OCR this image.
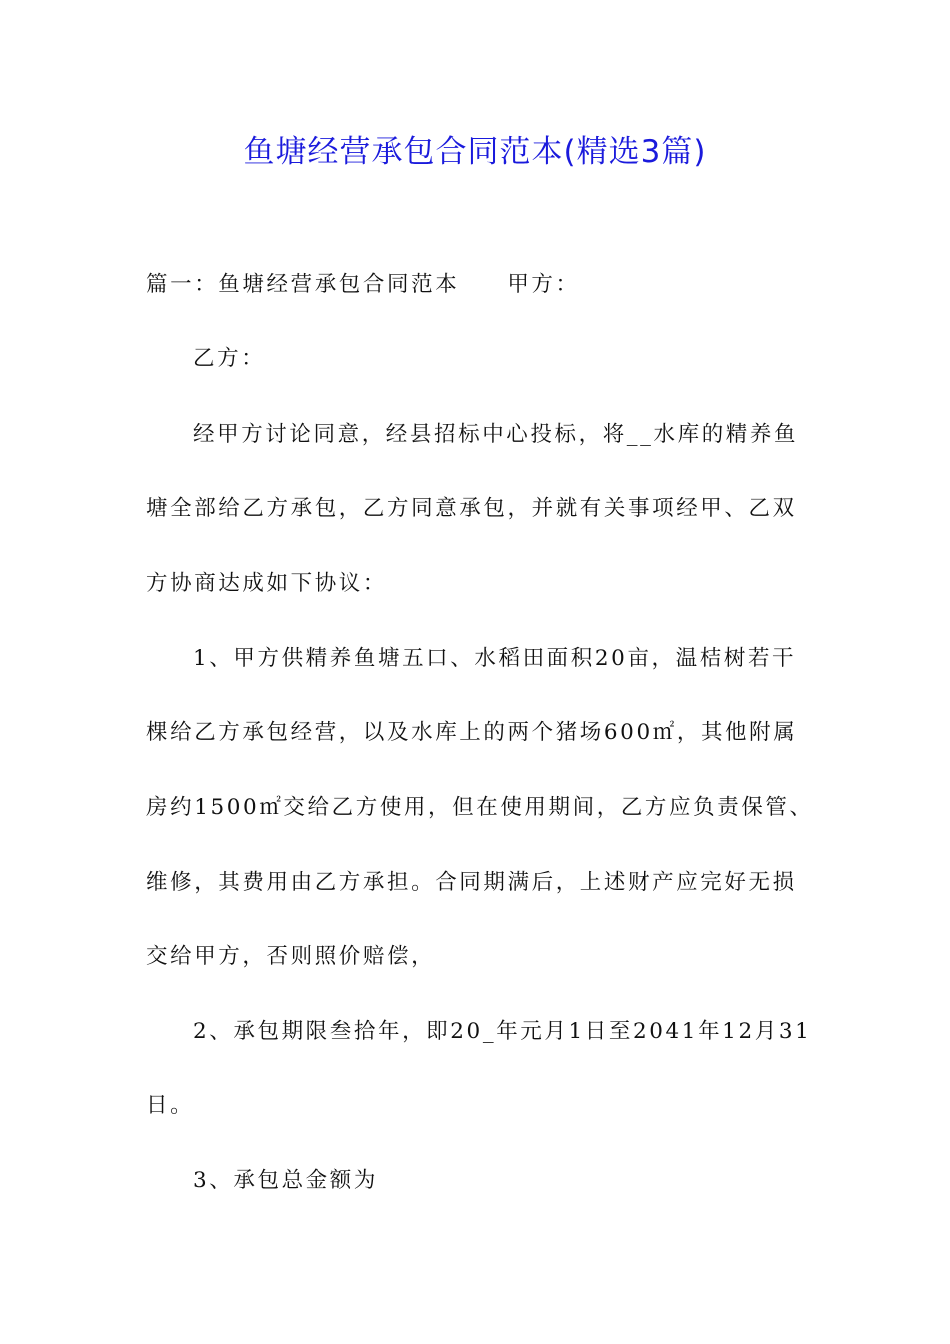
鱼塘经营承包合同范本(精选3篇)
篇一：鱼塘经营承包合同范本 甲方：
乙方：
经甲方讨论同意，经县招标中心投标，将__水库的精养鱼
塘全部给乙方承包，乙方同意承包，并就有关事项经甲、乙双
方协商达成如下协议：
1、甲方供精养鱼塘五口、水稻田面积20亩，温桔树若干
棵给乙方承包经营，以及水库上的两个猪场600㎡，其他附属
房约1500㎡交给乙方使用，但在使用期间，乙方应负责保管、
维修，其费用由乙方承担。合同期满后，上述财产应完好无损
交给甲方，否则照价赔偿，
2、承包期限叁拾年，即20_年元月1日至2041年12月31
日。
3、承包总金额为
